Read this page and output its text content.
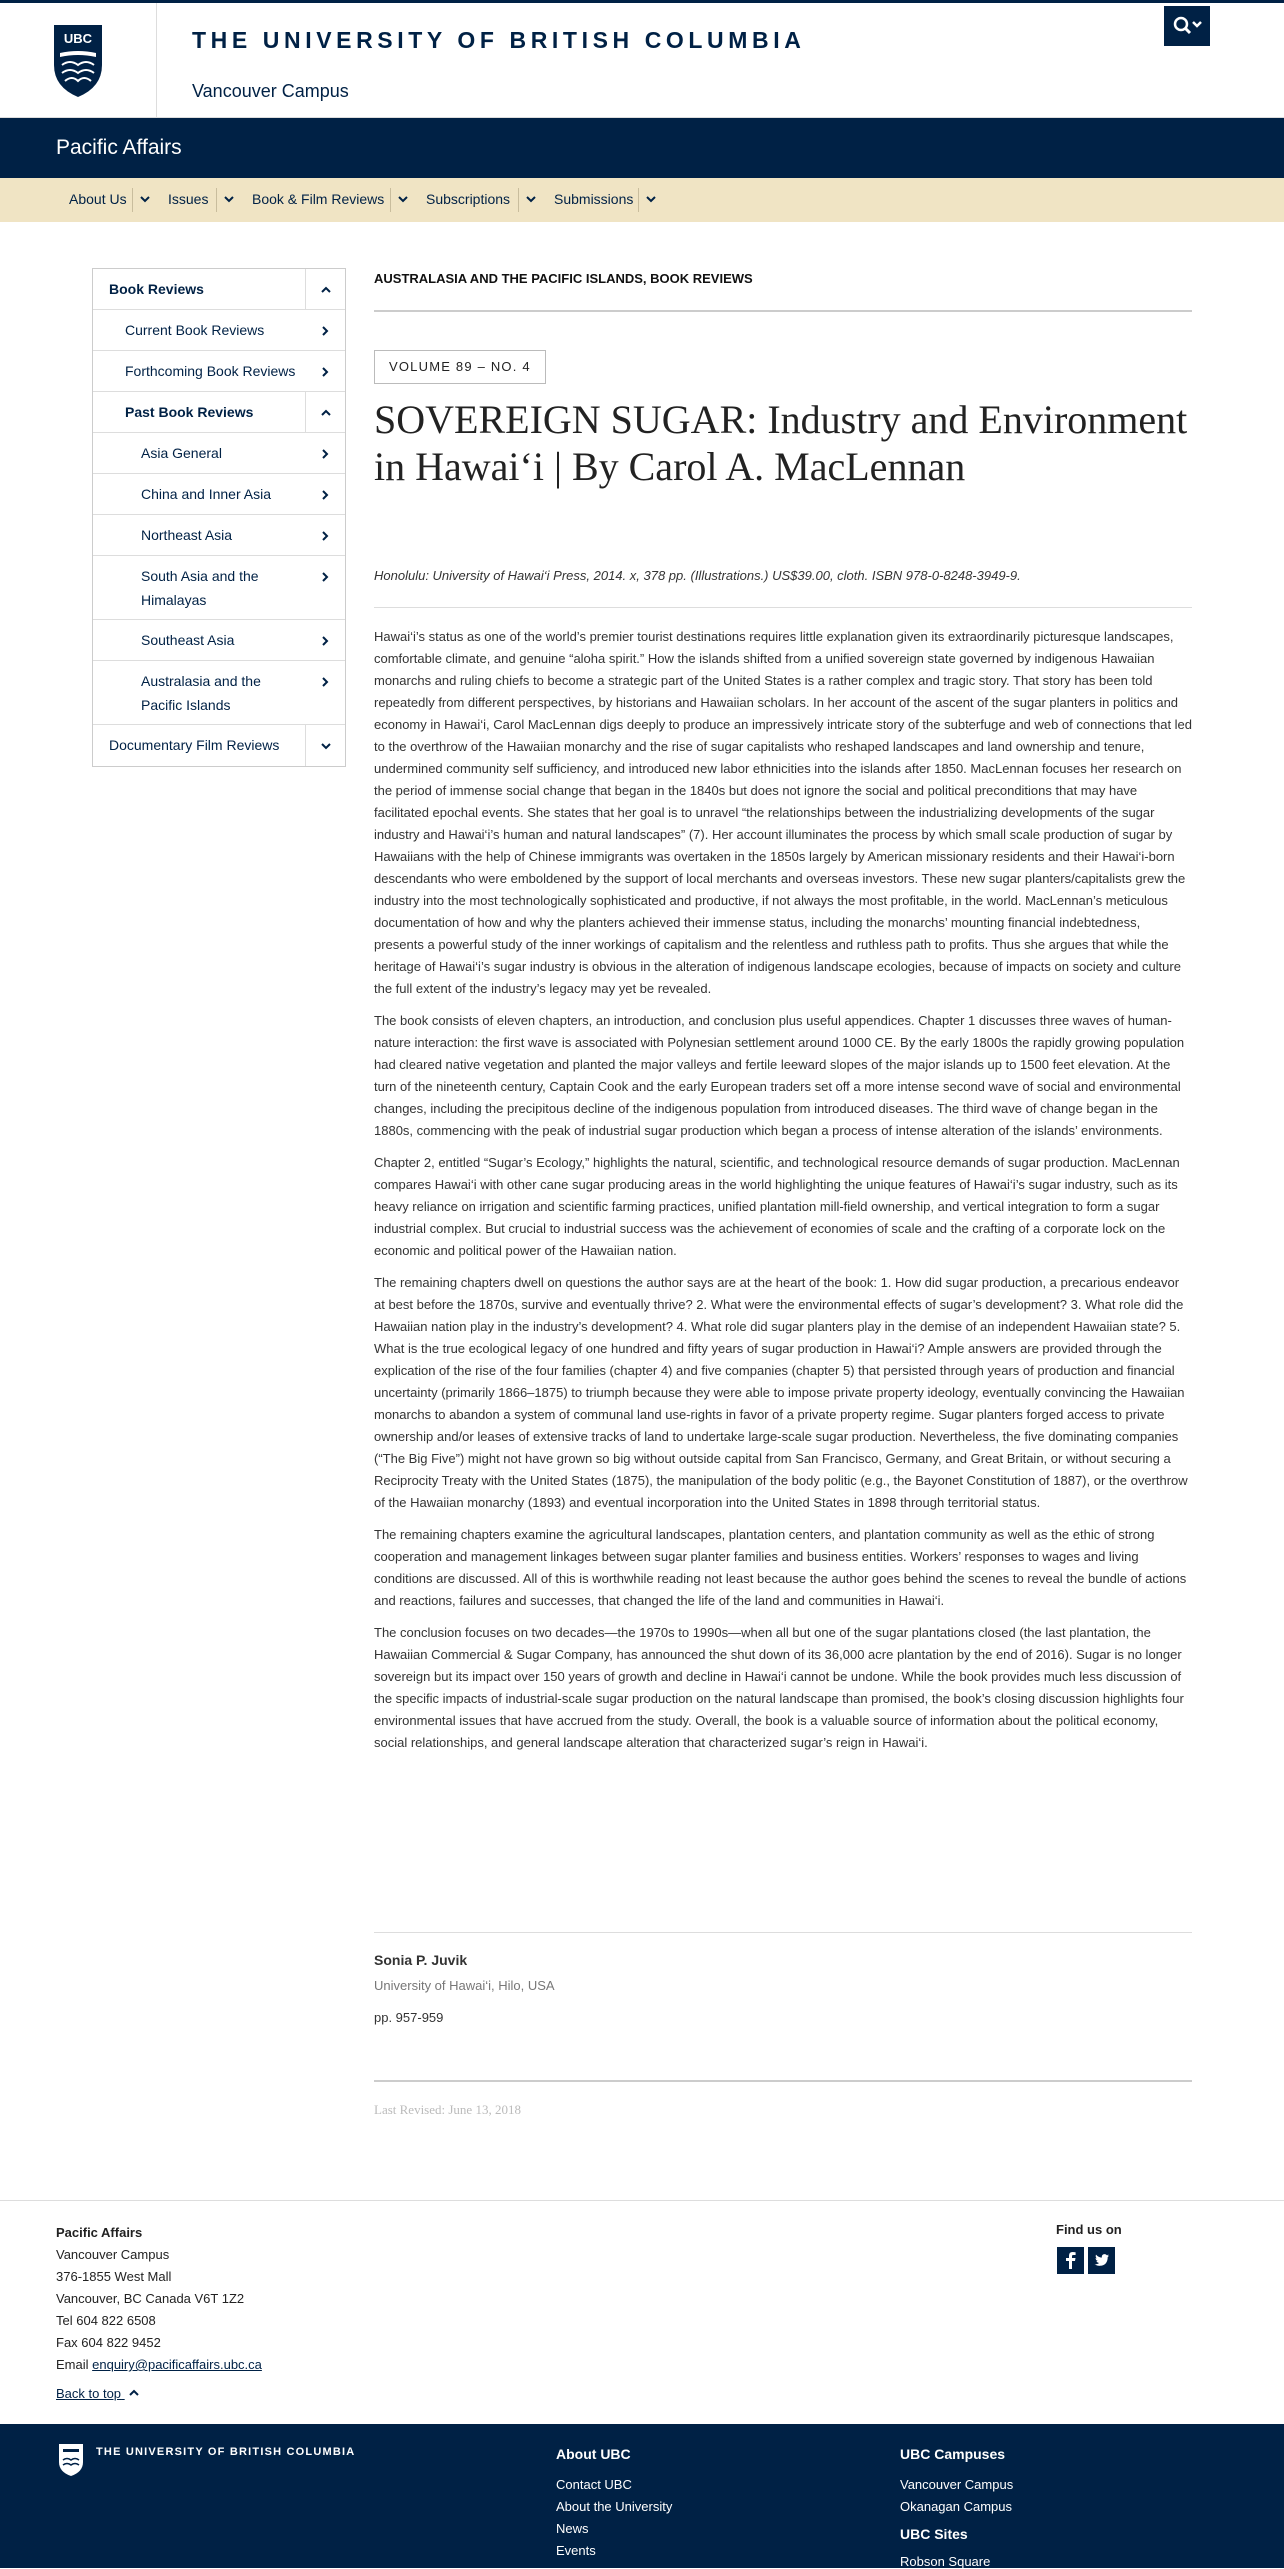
UBC	THE UNIVERSITY OF BRITISH COLUMBIA
Vancouver Campus
Pacific Affairs
About Us	Issues	Book & Film Reviews	Subscriptions	Submissions
Book Reviews
Current Book Reviews
Forthcoming Book Reviews
Past Book Reviews
Asia General
China and Inner Asia
Northeast Asia
South Asia and the Himalayas
Southeast Asia
Australasia and the Pacific Islands
Documentary Film Reviews
AUSTRALASIA AND THE PACIFIC ISLANDS, BOOK REVIEWS
VOLUME 89 – NO. 4
SOVEREIGN SUGAR: Industry and Environment in Hawai‘i | By Carol A. MacLennan
Honolulu: University of Hawai‘i Press, 2014. x, 378 pp. (Illustrations.) US$39.00, cloth. ISBN 978-0-8248-3949-9.

Hawai‘i’s status as one of the world’s premier tourist destinations requires little explanation given its extraordinarily picturesque landscapes, comfortable climate, and genuine “aloha spirit.” How the islands shifted from a unified sovereign state governed by indigenous Hawaiian monarchs and ruling chiefs to become a strategic part of the United States is a rather complex and tragic story. That story has been told repeatedly from different perspectives, by historians and Hawaiian scholars. In her account of the ascent of the sugar planters in politics and economy in Hawai‘i, Carol MacLennan digs deeply to produce an impressively intricate story of the subterfuge and web of connections that led to the overthrow of the Hawaiian monarchy and the rise of sugar capitalists who reshaped landscapes and land ownership and tenure, undermined community self sufficiency, and introduced new labor ethnicities into the islands after 1850. MacLennan focuses her research on the period of immense social change that began in the 1840s but does not ignore the social and political preconditions that may have facilitated epochal events. She states that her goal is to unravel “the relationships between the industrializing developments of the sugar industry and Hawai‘i’s human and natural landscapes” (7). Her account illuminates the process by which small scale production of sugar by Hawaiians with the help of Chinese immigrants was overtaken in the 1850s largely by American missionary residents and their Hawai‘i-born descendants who were emboldened by the support of local merchants and overseas investors. These new sugar planters/capitalists grew the industry into the most technologically sophisticated and productive, if not always the most profitable, in the world. MacLennan’s meticulous documentation of how and why the planters achieved their immense status, including the monarchs’ mounting financial indebtedness, presents a powerful study of the inner workings of capitalism and the relentless and ruthless path to profits. Thus she argues that while the heritage of Hawai‘i’s sugar industry is obvious in the alteration of indigenous landscape ecologies, because of impacts on society and culture the full extent of the industry’s legacy may yet be revealed.

The book consists of eleven chapters, an introduction, and conclusion plus useful appendices. Chapter 1 discusses three waves of human-nature interaction: the first wave is associated with Polynesian settlement around 1000 CE. By the early 1800s the rapidly growing population had cleared native vegetation and planted the major valleys and fertile leeward slopes of the major islands up to 1500 feet elevation. At the turn of the nineteenth century, Captain Cook and the early European traders set off a more intense second wave of social and environmental changes, including the precipitous decline of the indigenous population from introduced diseases. The third wave of change began in the 1880s, commencing with the peak of industrial sugar production which began a process of intense alteration of the islands’ environments.

Chapter 2, entitled “Sugar’s Ecology,” highlights the natural, scientific, and technological resource demands of sugar production. MacLennan compares Hawai‘i with other cane sugar producing areas in the world highlighting the unique features of Hawai‘i’s sugar industry, such as its heavy reliance on irrigation and scientific farming practices, unified plantation mill-field ownership, and vertical integration to form a sugar industrial complex. But crucial to industrial success was the achievement of economies of scale and the crafting of a corporate lock on the economic and political power of the Hawaiian nation.

The remaining chapters dwell on questions the author says are at the heart of the book: 1. How did sugar production, a precarious endeavor at best before the 1870s, survive and eventually thrive? 2. What were the environmental effects of sugar’s development? 3. What role did the Hawaiian nation play in the industry’s development? 4. What role did sugar planters play in the demise of an independent Hawaiian state? 5. What is the true ecological legacy of one hundred and fifty years of sugar production in Hawai‘i? Ample answers are provided through the explication of the rise of the four families (chapter 4) and five companies (chapter 5) that persisted through years of production and financial uncertainty (primarily 1866–1875) to triumph because they were able to impose private property ideology, eventually convincing the Hawaiian monarchs to abandon a system of communal land use-rights in favor of a private property regime. Sugar planters forged access to private ownership and/or leases of extensive tracks of land to undertake large-scale sugar production. Nevertheless, the five dominating companies (“The Big Five”) might not have grown so big without outside capital from San Francisco, Germany, and Great Britain, or without securing a Reciprocity Treaty with the United States (1875), the manipulation of the body politic (e.g., the Bayonet Constitution of 1887), or the overthrow of the Hawaiian monarchy (1893) and eventual incorporation into the United States in 1898 through territorial status.

The remaining chapters examine the agricultural landscapes, plantation centers, and plantation community as well as the ethic of strong cooperation and management linkages between sugar planter families and business entities. Workers’ responses to wages and living conditions are discussed. All of this is worthwhile reading not least because the author goes behind the scenes to reveal the bundle of actions and reactions, failures and successes, that changed the life of the land and communities in Hawai‘i.

The conclusion focuses on two decades—the 1970s to 1990s—when all but one of the sugar plantations closed (the last plantation, the Hawaiian Commercial & Sugar Company, has announced the shut down of its 36,000 acre plantation by the end of 2016). Sugar is no longer sovereign but its impact over 150 years of growth and decline in Hawai‘i cannot be undone. While the book provides much less discussion of the specific impacts of industrial-scale sugar production on the natural landscape than promised, the book’s closing discussion highlights four environmental issues that have accrued from the study. Overall, the book is a valuable source of information about the political economy, social relationships, and general landscape alteration that characterized sugar’s reign in Hawai‘i.

Sonia P. Juvik
University of Hawai‘i, Hilo, USA
pp. 957-959
Last Revised: June 13, 2018
Pacific Affairs
Vancouver Campus
376-1855 West Mall
Vancouver, BC Canada V6T 1Z2
Tel 604 822 6508
Fax 604 822 9452
Email enquiry@pacificaffairs.ubc.ca
Back to top
Find us on
THE UNIVERSITY OF BRITISH COLUMBIA	About UBC
Contact UBC
About the University
News
Events
UBC Campuses
Vancouver Campus
Okanagan Campus
UBC Sites
Robson Square
